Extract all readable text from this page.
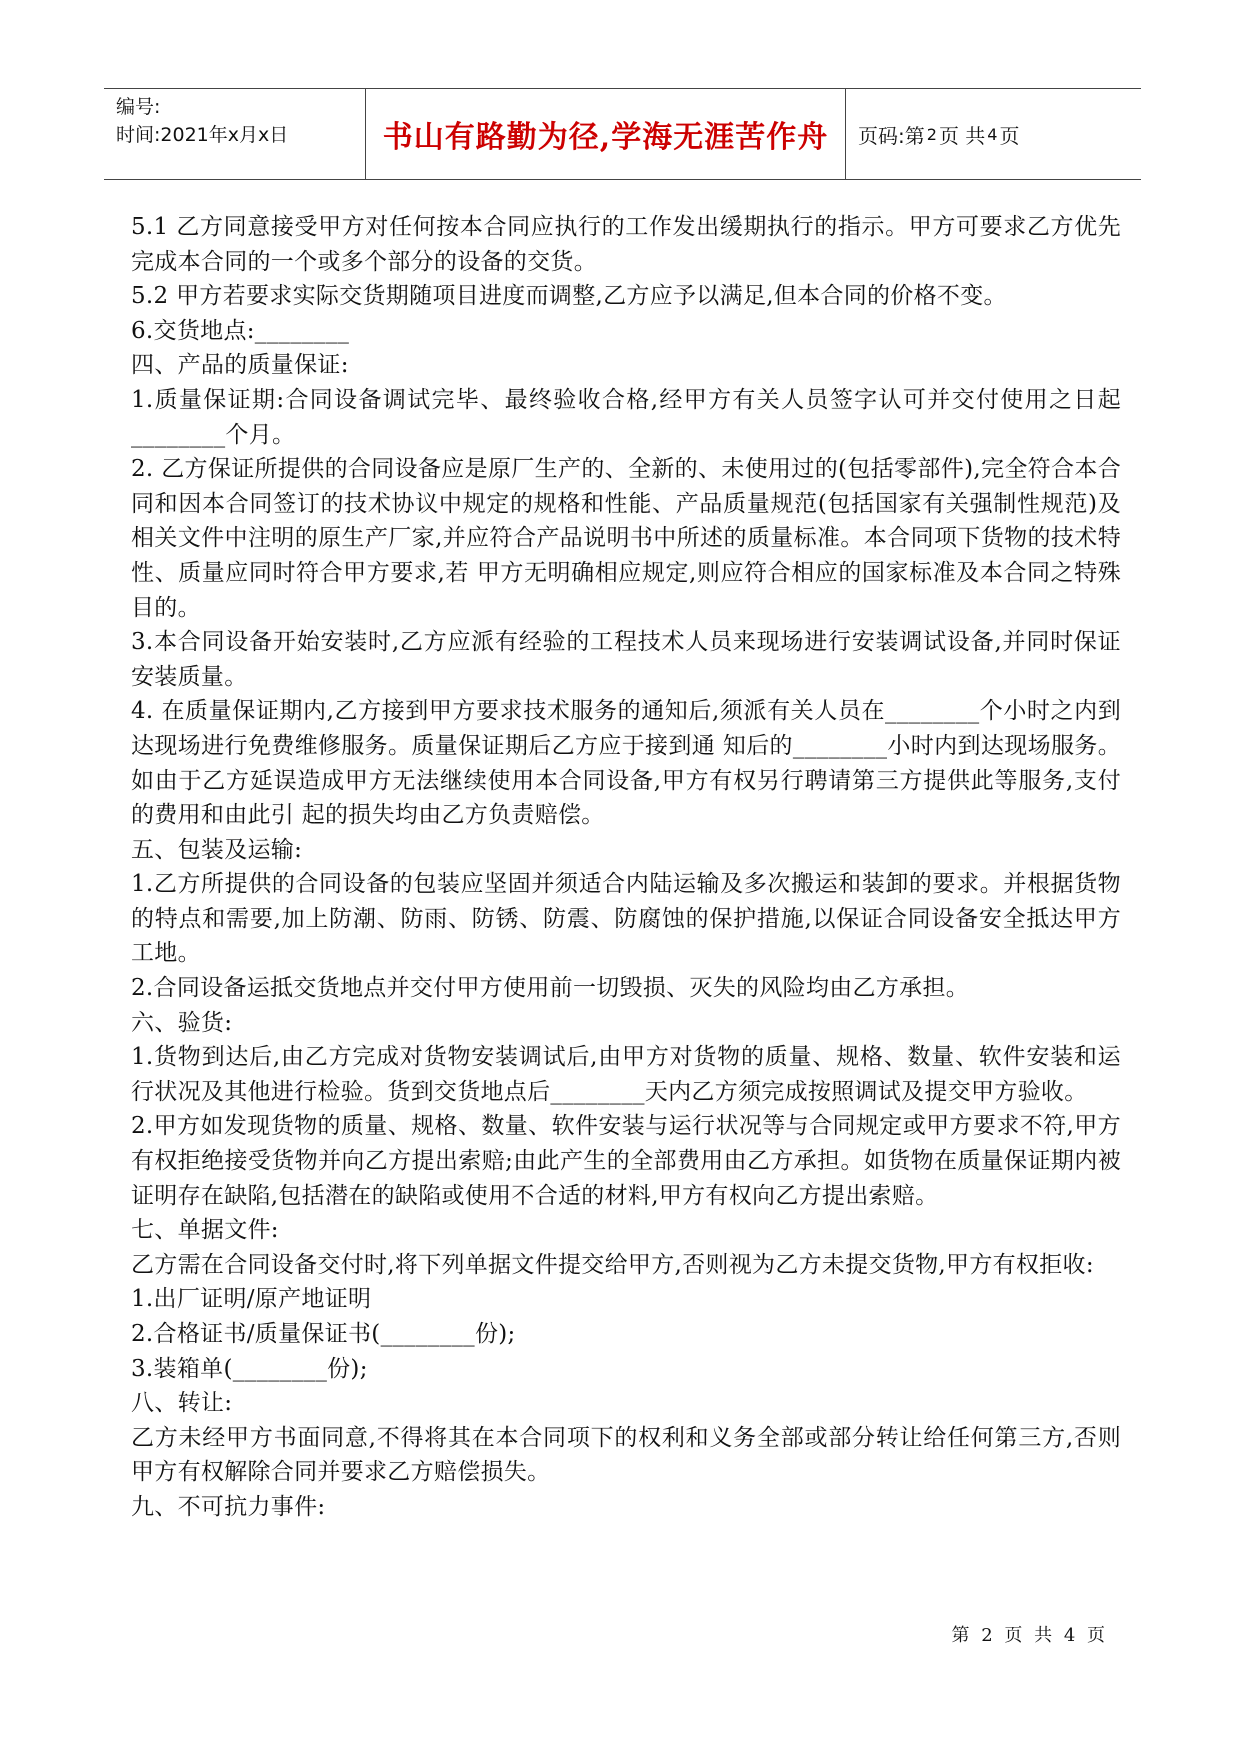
编号:
时间:2021年x月x日	书山有路勤为径,学海无涯苦作舟 页码:第 2 页 共 4 页

5.1 乙方同意接受甲方对任何按本合同应执行的工作发出缓期执行的指示。甲方可要求乙方优先完成本合同的一个或多个部分的设备的交货。

5.2 甲方若要求实际交货期随项目进度而调整,乙方应予以满足,但本合同的价格不变。

6.交货地点:________

四、产品的质量保证:

1.质量保证期:合同设备调试完毕、最终验收合格,经甲方有关人员签字认可并交付使用之日起________个月。

2. 乙方保证所提供的合同设备应是原厂生产的、全新的、未使用过的(包括零部件),完全符合本合同和因本合同签订的技术协议中规定的规格和性能、产品质量规范(包括国家有关强制性规范)及相关文件中注明的原生产厂家,并应符合产品说明书中所述的质量标准。本合同项下货物的技术特性、质量应同时符合甲方要求,若 甲方无明确相应规定,则应符合相应的国家标准及本合同之特殊目的。

3.本合同设备开始安装时,乙方应派有经验的工程技术人员来现场进行安装调试设备,并同时保证安装质量。

4. 在质量保证期内,乙方接到甲方要求技术服务的通知后,须派有关人员在________个小时之内到达现场进行免费维修服务。质量保证期后乙方应于接到通 知后的________小时内到达现场服务。如由于乙方延误造成甲方无法继续使用本合同设备,甲方有权另行聘请第三方提供此等服务,支付的费用和由此引 起的损失均由乙方负责赔偿。

五、包装及运输:

1.乙方所提供的合同设备的包装应坚固并须适合内陆运输及多次搬运和装卸的要求。并根据货物的特点和需要,加上防潮、防雨、防锈、防震、防腐蚀的保护措施,以保证合同设备安全抵达甲方工地。

2.合同设备运抵交货地点并交付甲方使用前一切毁损、灭失的风险均由乙方承担。

六、验货:

1.货物到达后,由乙方完成对货物安装调试后,由甲方对货物的质量、规格、数量、软件安装和运行状况及其他进行检验。货到交货地点后________天内乙方须完成按照调试及提交甲方验收。

2.甲方如发现货物的质量、规格、数量、软件安装与运行状况等与合同规定或甲方要求不符,甲方有权拒绝接受货物并向乙方提出索赔;由此产生的全部费用由乙方承担。如货物在质量保证期内被证明存在缺陷,包括潜在的缺陷或使用不合适的材料,甲方有权向乙方提出索赔。

七、单据文件:

乙方需在合同设备交付时,将下列单据文件提交给甲方,否则视为乙方未提交货物,甲方有权拒收:

1.出厂证明/原产地证明

2.合格证书/质量保证书(________份);

3.装箱单(________份);

八、转让:

乙方未经甲方书面同意,不得将其在本合同项下的权利和义务全部或部分转让给任何第三方,否则甲方有权解除合同并要求乙方赔偿损失。

九、不可抗力事件:

第 2 页 共 4 页
